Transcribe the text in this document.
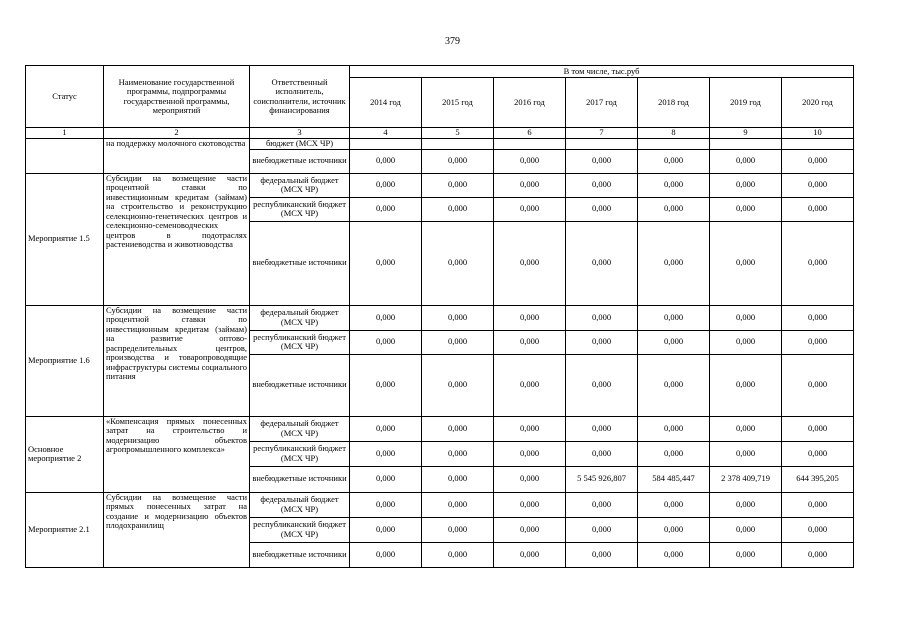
379
Статус	Наименование государственной программы, подпрограммы государственной программы, мероприятий	Ответственный исполнитель, соисполнители, источник финансирования	В том числе, тыс.руб						
			2014 год	2015 год	2016 год	2017 год	2018 год	2019 год	2020 год
1	2	3	4	5	6	7	8	9	10
	на поддержку молочного скотоводства	бюджет (МСХ ЧР)							
		внебюджетные источники	0,000	0,000	0,000	0,000	0,000	0,000	0,000
Мероприятие 1.5	Субсидии на возмещение части процентной ставки по инвестиционным кредитам (займам) на строительство и реконструкцию селекционно-генетических центров и селекционно-семеноводческих центров в подотраслях растениеводства и животноводства	федеральный бюджет (МСХ ЧР)	0,000	0,000	0,000	0,000	0,000	0,000	0,000
		республиканский бюджет (МСХ ЧР)	0,000	0,000	0,000	0,000	0,000	0,000	0,000
		внебюджетные источники	0,000	0,000	0,000	0,000	0,000	0,000	0,000
Мероприятие 1.6	Субсидии на возмещение части процентной ставки по инвестиционным кредитам (займам) на развитие оптово-распределительных центров, производства и товаропроводящие инфраструктуры системы социального питания	федеральный бюджет (МСХ ЧР)	0,000	0,000	0,000	0,000	0,000	0,000	0,000
		республиканский бюджет (МСХ ЧР)	0,000	0,000	0,000	0,000	0,000	0,000	0,000
		внебюджетные источники	0,000	0,000	0,000	0,000	0,000	0,000	0,000
Основное мероприятие 2	«Компенсация прямых понесенных затрат на строительство и модернизацию объектов агропромышленного комплекса»	федеральный бюджет (МСХ ЧР)	0,000	0,000	0,000	0,000	0,000	0,000	0,000
		республиканский бюджет (МСХ ЧР)	0,000	0,000	0,000	0,000	0,000	0,000	0,000
		внебюджетные источники	0,000	0,000	0,000	5 545 926,807	584 485,447	2 378 409,719	644 395,205
Мероприятие 2.1	Субсидии на возмещение части прямых понесенных затрат на создание и модернизацию объектов плодохранилищ	федеральный бюджет (МСХ ЧР)	0,000	0,000	0,000	0,000	0,000	0,000	0,000
		республиканский бюджет (МСХ ЧР)	0,000	0,000	0,000	0,000	0,000	0,000	0,000
		внебюджетные источники	0,000	0,000	0,000	0,000	0,000	0,000	0,000
